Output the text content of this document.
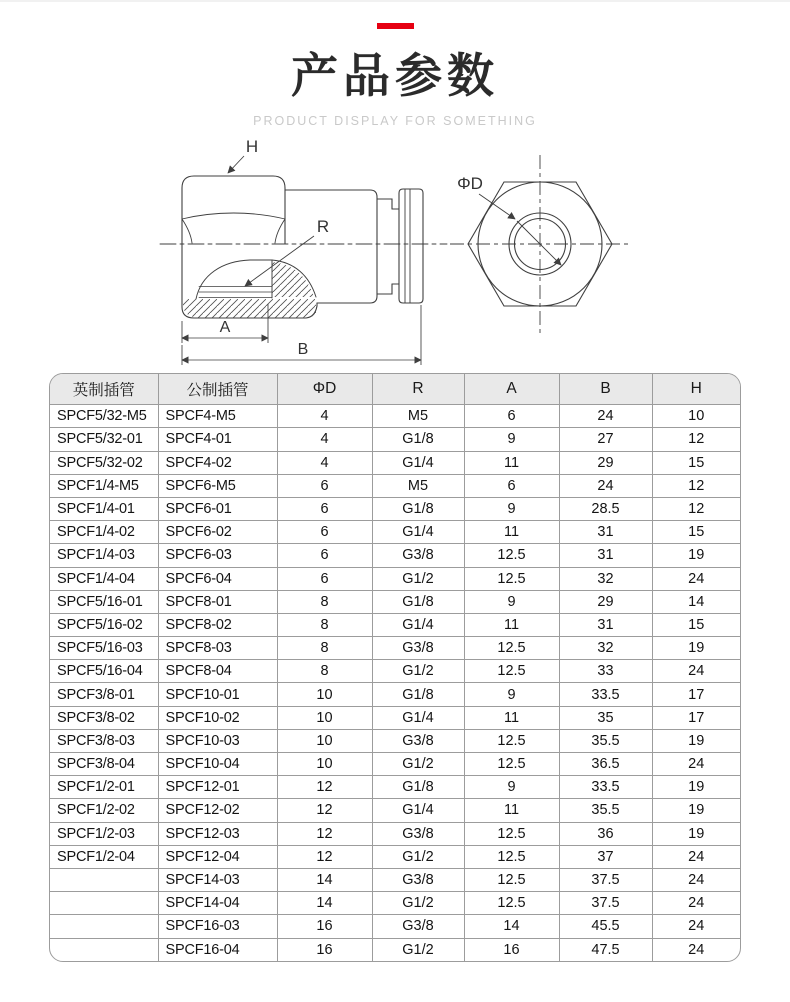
产品参数
PRODUCT DISPLAY FOR SOMETHING
H
R
A
B
ΦD
英制插管	公制插管	ΦD	R	A	B	H
SPCF5/32-M5	SPCF4-M5	4	M5	6	24	10
SPCF5/32-01	SPCF4-01	4	G1/8	9	27	12
SPCF5/32-02	SPCF4-02	4	G1/4	11	29	15
SPCF1/4-M5	SPCF6-M5	6	M5	6	24	12
SPCF1/4-01	SPCF6-01	6	G1/8	9	28.5	12
SPCF1/4-02	SPCF6-02	6	G1/4	11	31	15
SPCF1/4-03	SPCF6-03	6	G3/8	12.5	31	19
SPCF1/4-04	SPCF6-04	6	G1/2	12.5	32	24
SPCF5/16-01	SPCF8-01	8	G1/8	9	29	14
SPCF5/16-02	SPCF8-02	8	G1/4	11	31	15
SPCF5/16-03	SPCF8-03	8	G3/8	12.5	32	19
SPCF5/16-04	SPCF8-04	8	G1/2	12.5	33	24
SPCF3/8-01	SPCF10-01	10	G1/8	9	33.5	17
SPCF3/8-02	SPCF10-02	10	G1/4	11	35	17
SPCF3/8-03	SPCF10-03	10	G3/8	12.5	35.5	19
SPCF3/8-04	SPCF10-04	10	G1/2	12.5	36.5	24
SPCF1/2-01	SPCF12-01	12	G1/8	9	33.5	19
SPCF1/2-02	SPCF12-02	12	G1/4	11	35.5	19
SPCF1/2-03	SPCF12-03	12	G3/8	12.5	36	19
SPCF1/2-04	SPCF12-04	12	G1/2	12.5	37	24
	SPCF14-03	14	G3/8	12.5	37.5	24
	SPCF14-04	14	G1/2	12.5	37.5	24
	SPCF16-03	16	G3/8	14	45.5	24
	SPCF16-04	16	G1/2	16	47.5	24
